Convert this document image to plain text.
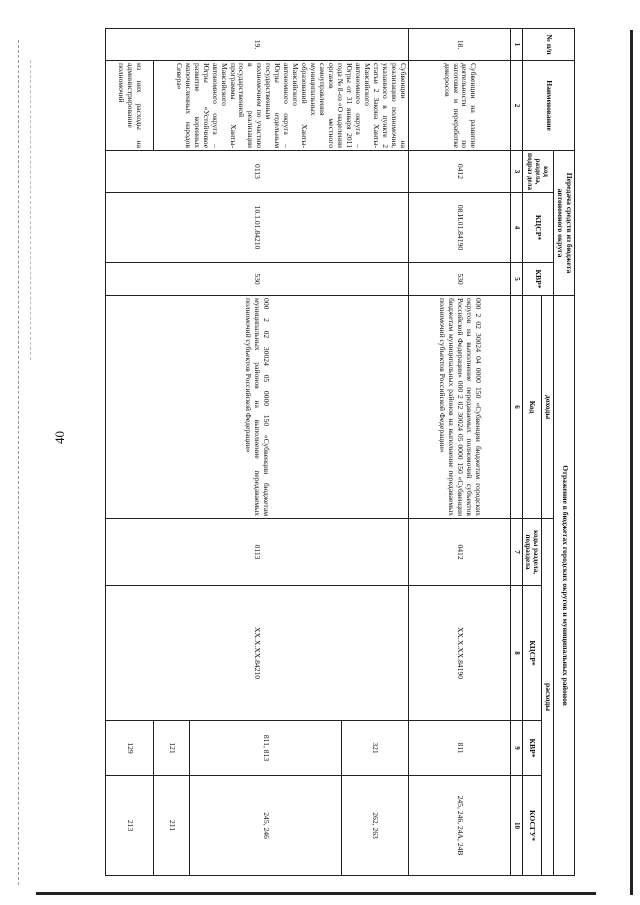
40
№ п/п	Наименование	Передача средств из бюджета автономного округа			Отражение в бюджетах городских округов и муниципальных районов				
		код раздела, подраз дела	КЦСР*	КВР*	доходы	расходы			
					Код	коды раздела, подраздела	КЦСР*	КВР*	КОСГУ*
1	2	3	4	5	6	7	8	9	10
18.	Субвенции на развитие деятельности по заготовке и переработке дикоросов	0412	08.И.01.84190	530	000 2 02 30024 04 0000 150 «Субвенции бюджетам городских округов на выполнение передаваемых полномочий субъектов Российской Федерации» 000 2 02 30024 05 0000 150 «Субвенции бюджетам муниципальных районов на выполнение передаваемых полномочий субъектов Российской Федерации»	0412	XX.X.XX.84190	811	245, 246, 24А, 24В
19.	Субвенции на реализацию полномочия, указанного в пункте 2 статьи 2 Закона Ханты-Мансийского автономного округа – Югры от 31 января 2011 года № 8-оз «О наделении органов местного самоуправления муниципальных образований Ханты-Мансийского автономного округа – Югры отдельным государственным полномочием по участию в реализации государственной программы Ханты-Мансийского автономного округа – Югры «Устойчивое развитие коренных малочисленных народов Севера»	0113	10.1.01.84210	530	000 2 02 30024 05 0000 150 «Субвенции бюджетам муниципальных районов на выполнение передаваемых полномочий субъектов Российской Федерации»	0113	XX.X.XX.84210	321	262, 263
								811, 813	245, 246
								121	211
	из них расходы на администрирование полномочий							129	213
